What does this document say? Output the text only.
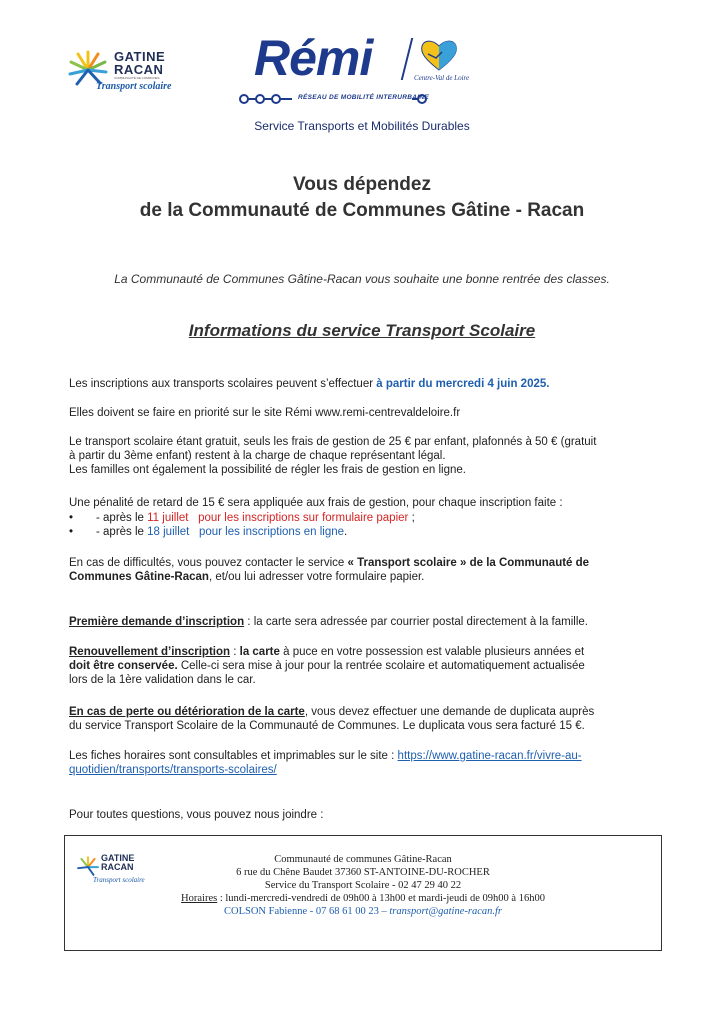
GATINE
RACAN
COMMUNAUTÉ DE COMMUNES
Transport scolaire
Rémi	Centre-Val de Loire
RÉSEAU DE MOBILITÉ INTERURBAINE
Service Transports et Mobilités Durables
Vous dépendez
de la Communauté de Communes Gâtine - Racan
La Communauté de Communes Gâtine-Racan vous souhaite une bonne rentrée des classes.
Informations du service Transport Scolaire
Les inscriptions aux transports scolaires peuvent s’effectuer à partir du mercredi 4 juin 2025.
Elles doivent se faire en priorité sur le site Rémi www.remi-centrevaldeloire.fr
Le transport scolaire étant gratuit, seuls les frais de gestion de 25 € par enfant, plafonnés à 50 € (gratuit
à partir du 3ème enfant) restent à la charge de chaque représentant légal.
Les familles ont également la possibilité de régler les frais de gestion en ligne.
Une pénalité de retard de 15 € sera appliquée aux frais de gestion, pour chaque inscription faite :
• - après le 11 juillet pour les inscriptions sur formulaire papier ;
• - après le 18 juillet pour les inscriptions en ligne.
En cas de difficultés, vous pouvez contacter le service « Transport scolaire » de la Communauté de
Communes Gâtine-Racan, et/ou lui adresser votre formulaire papier.
Première demande d’inscription : la carte sera adressée par courrier postal directement à la famille.
Renouvellement d’inscription : la carte à puce en votre possession est valable plusieurs années et
doit être conservée. Celle-ci sera mise à jour pour la rentrée scolaire et automatiquement actualisée
lors de la 1ère validation dans le car.
En cas de perte ou détérioration de la carte, vous devez effectuer une demande de duplicata auprès
du service Transport Scolaire de la Communauté de Communes. Le duplicata vous sera facturé 15 €.
Les fiches horaires sont consultables et imprimables sur le site : https://www.gatine-racan.fr/vivre-au-
quotidien/transports/transports-scolaires/
Pour toutes questions, vous pouvez nous joindre :
GATINE
RACAN
Transport scolaire
Communauté de communes Gâtine-Racan
6 rue du Chêne Baudet 37360 ST-ANTOINE-DU-ROCHER
Service du Transport Scolaire - 02 47 29 40 22
Horaires : lundi-mercredi-vendredi de 09h00 à 13h00 et mardi-jeudi de 09h00 à 16h00
COLSON Fabienne - 07 68 61 00 23 – transport@gatine-racan.fr
